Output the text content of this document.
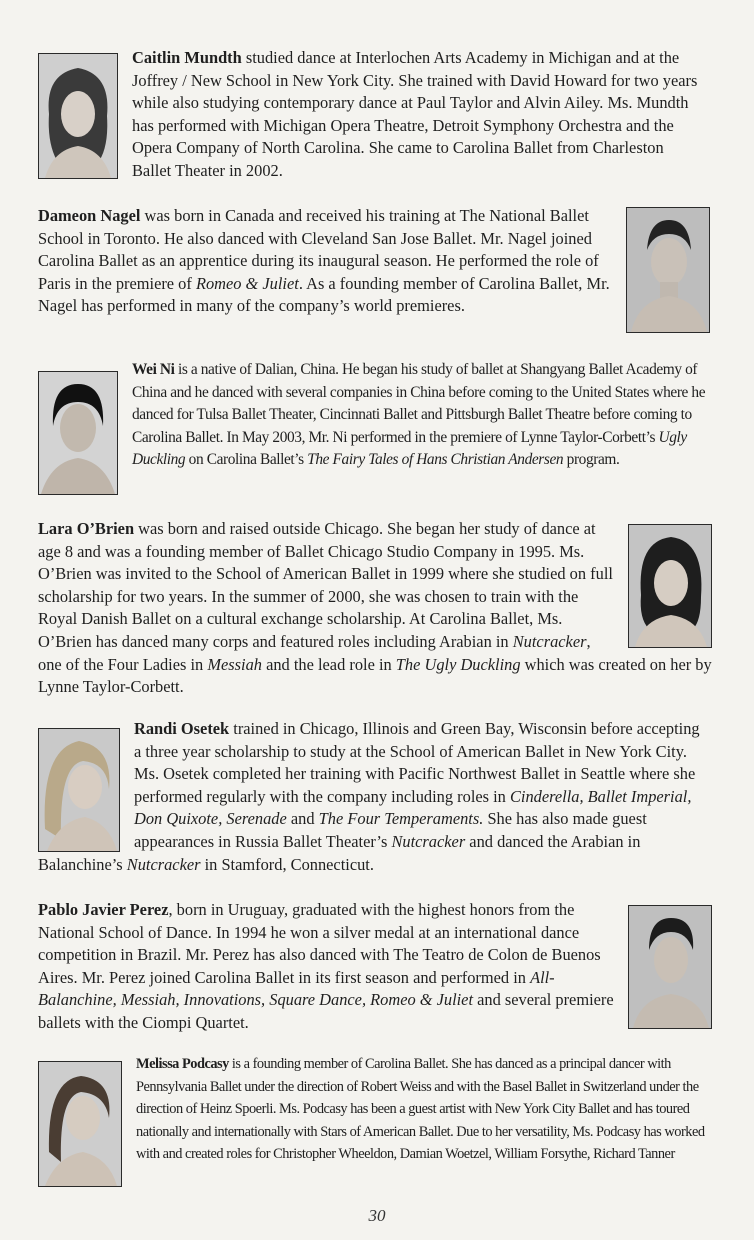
Caitlin Mundth studied dance at Interlochen Arts Academy in Michigan and at the Joffrey / New School in New York City. She trained with David Howard for two years while also studying contemporary dance at Paul Taylor and Alvin Ailey. Ms. Mundth has performed with Michigan Opera Theatre, Detroit Symphony Orchestra and the Opera Company of North Carolina. She came to Carolina Ballet from Charleston Ballet Theater in 2002.

Dameon Nagel was born in Canada and received his training at The National Ballet School in Toronto. He also danced with Cleveland San Jose Ballet. Mr. Nagel joined Carolina Ballet as an apprentice during its inaugural season. He performed the role of Paris in the premiere of Romeo & Juliet. As a founding member of Carolina Ballet, Mr. Nagel has performed in many of the company’s world premieres.

Wei Ni is a native of Dalian, China. He began his study of ballet at Shangyang Ballet Academy of China and he danced with several companies in China before coming to the United States where he danced for Tulsa Ballet Theater, Cincinnati Ballet and Pittsburgh Ballet Theatre before coming to Carolina Ballet. In May 2003, Mr. Ni performed in the premiere of Lynne Taylor-Corbett’s Ugly Duckling on Carolina Ballet’s The Fairy Tales of Hans Christian Andersen program.

Lara O’Brien was born and raised outside Chicago. She began her study of dance at age 8 and was a founding member of Ballet Chicago Studio Company in 1995. Ms. O’Brien was invited to the School of American Ballet in 1999 where she studied on full scholarship for two years. In the summer of 2000, she was chosen to train with the Royal Danish Ballet on a cultural exchange scholarship. At Carolina Ballet, Ms. O’Brien has danced many corps and featured roles including Arabian in Nutcracker, one of the Four Ladies in Messiah and the lead role in The Ugly Duckling which was created on her by Lynne Taylor-Corbett.

Randi Osetek trained in Chicago, Illinois and Green Bay, Wisconsin before accepting a three year scholarship to study at the School of American Ballet in New York City. Ms. Osetek completed her training with Pacific Northwest Ballet in Seattle where she performed regularly with the company including roles in Cinderella, Ballet Imperial, Don Quixote, Serenade and The Four Temperaments. She has also made guest appearances in Russia Ballet Theater’s Nutcracker and danced the Arabian in Balanchine’s Nutcracker in Stamford, Connecticut.

Pablo Javier Perez, born in Uruguay, graduated with the highest honors from the National School of Dance. In 1994 he won a silver medal at an international dance competition in Brazil. Mr. Perez has also danced with The Teatro de Colon de Buenos Aires. Mr. Perez joined Carolina Ballet in its first season and performed in All-Balanchine, Messiah, Innovations, Square Dance, Romeo & Juliet and several premiere ballets with the Ciompi Quartet.

Melissa Podcasy is a founding member of Carolina Ballet. She has danced as a principal dancer with Pennsylvania Ballet under the direction of Robert Weiss and with the Basel Ballet in Switzerland under the direction of Heinz Spoerli. Ms. Podcasy has been a guest artist with New York City Ballet and has toured nationally and internationally with Stars of American Ballet. Due to her versatility, Ms. Podcasy has worked with and created roles for Christopher Wheeldon, Damian Woetzel, William Forsythe, Richard Tanner

30
